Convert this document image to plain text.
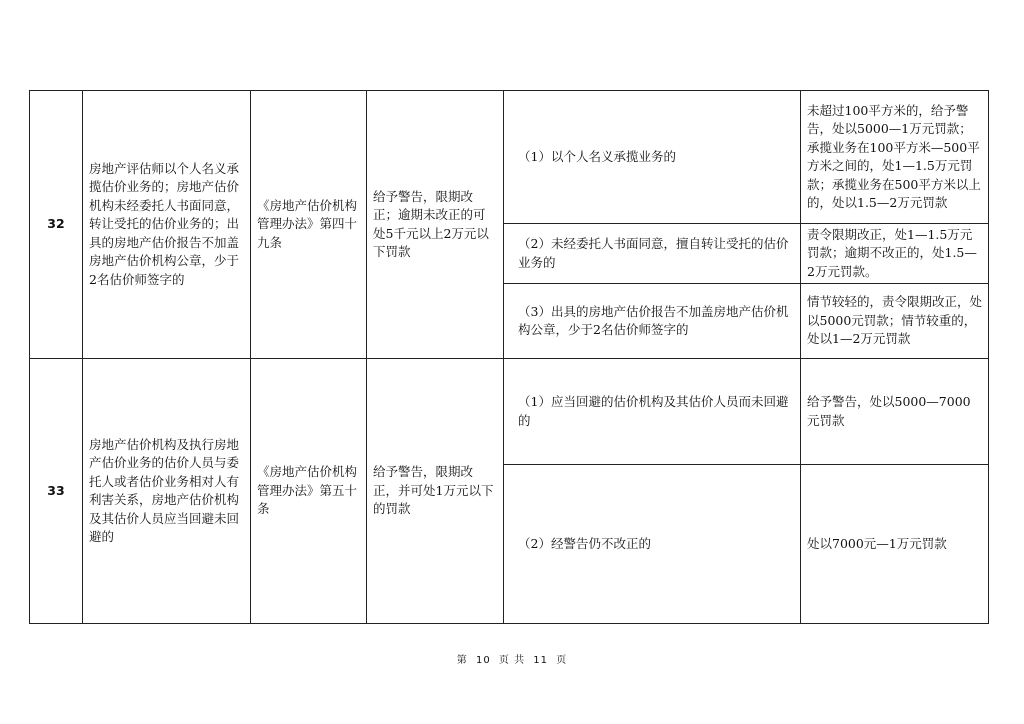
32	房地产评估师以个人名义承揽估价业务的；房地产估价机构未经委托人书面同意，转让受托的估价业务的；出具的房地产估价报告不加盖房地产估价机构公章，少于2名估价师签字的	《房地产估价机构管理办法》第四十九条	给予警告，限期改正；逾期未改正的可处5千元以上2万元以下罚款	（1）以个人名义承揽业务的	未超过100平方米的，给予警告，处以5000—1万元罚款；承揽业务在100平方米—500平方米之间的，处1—1.5万元罚款；承揽业务在500平方米以上的，处以1.5—2万元罚款
				（2）未经委托人书面同意，擅自转让受托的估价业务的	责令限期改正，处1—1.5万元罚款；逾期不改正的，处1.5—2万元罚款。
				（3）出具的房地产估价报告不加盖房地产估价机构公章，少于2名估价师签字的	情节较轻的，责令限期改正，处以5000元罚款；情节较重的，处以1—2万元罚款
33	房地产估价机构及执行房地产估价业务的估价人员与委托人或者估价业务相对人有利害关系，房地产估价机构及其估价人员应当回避未回避的	《房地产估价机构管理办法》第五十条	给予警告，限期改正，并可处1万元以下的罚款	（1）应当回避的估价机构及其估价人员而未回避的	给予警告，处以5000—7000元罚款
				（2）经警告仍不改正的	处以7000元—1万元罚款
第 10 页 共 11 页
